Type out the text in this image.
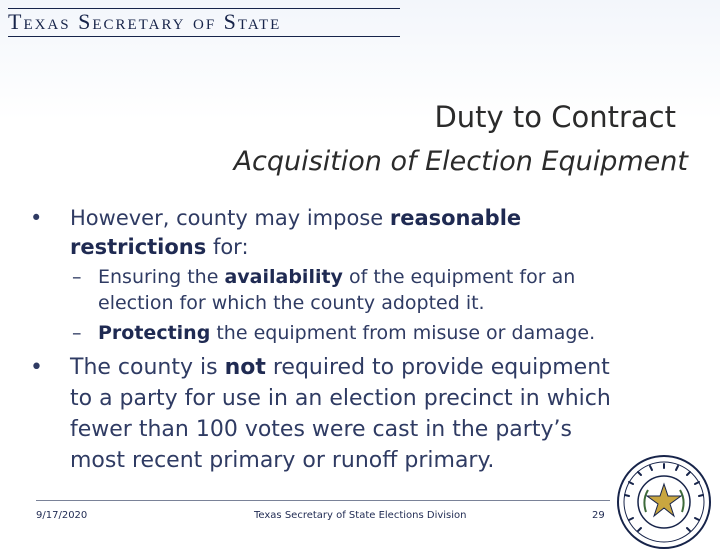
Texas Secretary of State
Duty to Contract
Acquisition of Election Equipment
• However, county may impose reasonable
restrictions for:
– Ensuring the availability of the equipment for an
election for which the county adopted it.
– Protecting the equipment from misuse or damage.
• The county is not required to provide equipment
to a party for use in an election precinct in which
fewer than 100 votes were cast in the party’s
most recent primary or runoff primary.
9/17/2020	Texas Secretary of State Elections Division	29
